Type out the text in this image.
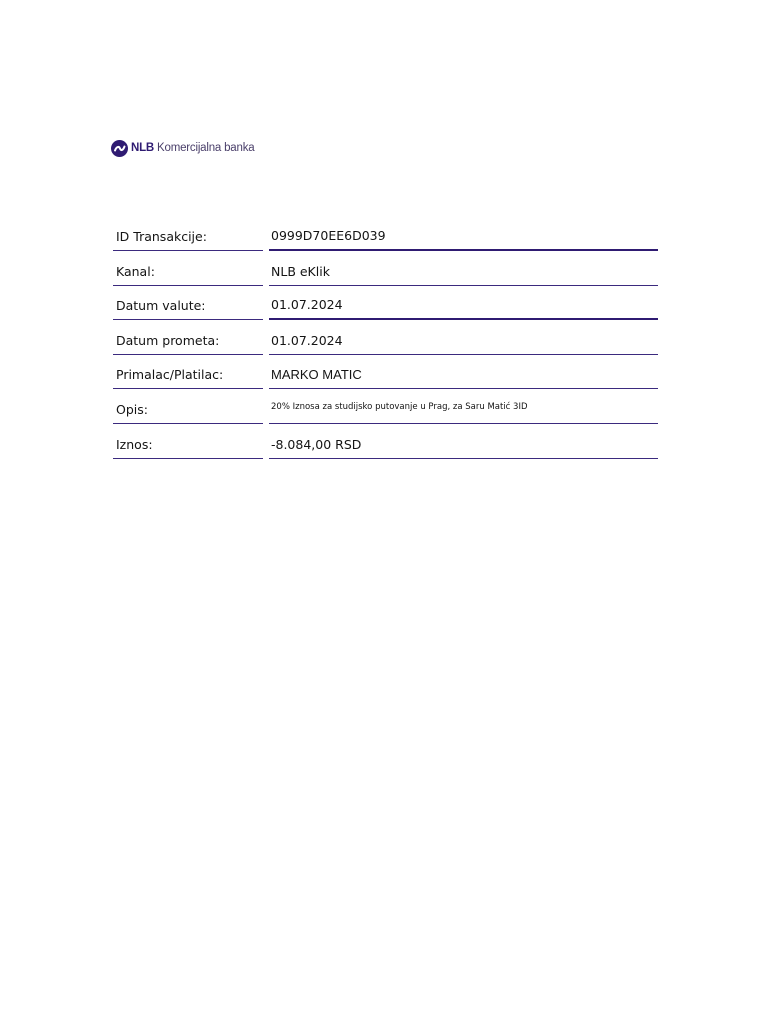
NLB Komercijalna banka
ID Transakcije:	0999D70EE6D039
Kanal:	NLB eKlik
Datum valute:	01.07.2024
Datum prometa:	01.07.2024
Primalac/Platilac:	MARKO MATIC
Opis:	20% Iznosa za studijsko putovanje u Prag, za Saru Matić 3ID
Iznos:	-8.084,00 RSD
